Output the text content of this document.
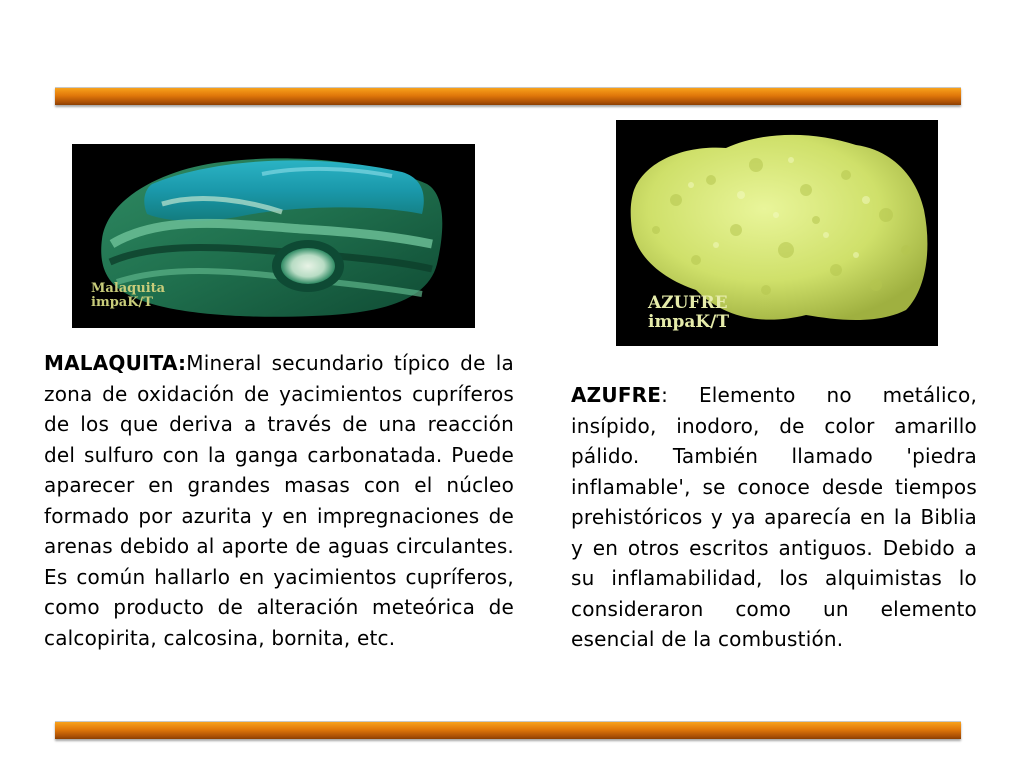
Malaquita
impaK/T	AZUFRE
impaK/T

MALAQUITA:Mineral secundario típico de la zona de oxidación de yacimientos cupríferos de los que deriva a través de una reacción del sulfuro con la ganga carbonatada. Puede aparecer en grandes masas con el núcleo formado por azurita y en impregnaciones de arenas debido al aporte de aguas circulantes. Es común hallarlo en yacimientos cupríferos, como producto de alteración meteórica de calcopirita, calcosina, bornita, etc.

AZUFRE: Elemento no metálico, insípido, inodoro, de color amarillo pálido. También llamado 'piedra inflamable', se conoce desde tiempos prehistóricos y ya aparecía en la Biblia y en otros escritos antiguos. Debido a su inflamabilidad, los alquimistas lo consideraron como un elemento esencial de la combustión.
